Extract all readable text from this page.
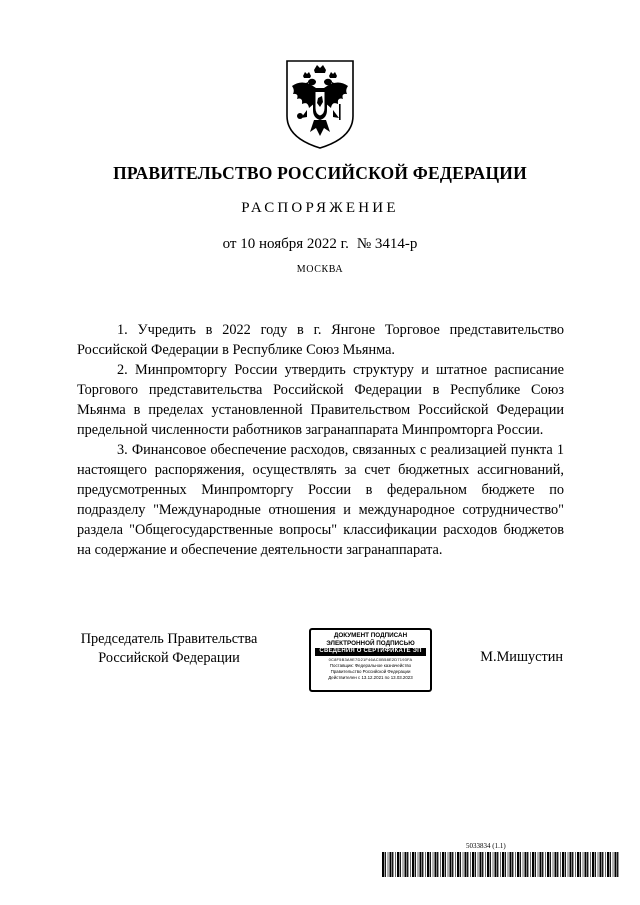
ПРАВИТЕЛЬСТВО РОССИЙСКОЙ ФЕДЕРАЦИИ
РАСПОРЯЖЕНИЕ
от 10 ноября 2022 г. № 3414-р
МОСКВА

1. Учредить в 2022 году в г. Янгоне Торговое представительство Российской Федерации в Республике Союз Мьянма.

2. Минпромторгу России утвердить структуру и штатное расписание Торгового представительства Российской Федерации в Республике Союз Мьянма в пределах установленной Правительством Российской Федерации предельной численности работников загранаппарата Минпромторга России.

3. Финансовое обеспечение расходов, связанных с реализацией пункта 1 настоящего распоряжения, осуществлять за счет бюджетных ассигнований, предусмотренных Минпромторгу России в федеральном бюджете по подразделу "Международные отношения и международное сотрудничество" раздела "Общегосударственные вопросы" классификации расходов бюджетов на содержание и обеспечение деятельности загранаппарата.

Председатель Правительства
Российской Федерации
ДОКУМЕНТ ПОДПИСАН
ЭЛЕКТРОННОЙ ПОДПИСЬЮ
СВЕДЕНИЯ О СЕРТИФИКАТЕ ЭП
0C8F5B3A9E7D21F46AC0B58E2D7193FA
Поставщик: Федеральное казначейство
Правительство Российской Федерации
Действителен с 13.12.2021 по 13.03.2023
М.Мишустин
5033834 (1.1)
